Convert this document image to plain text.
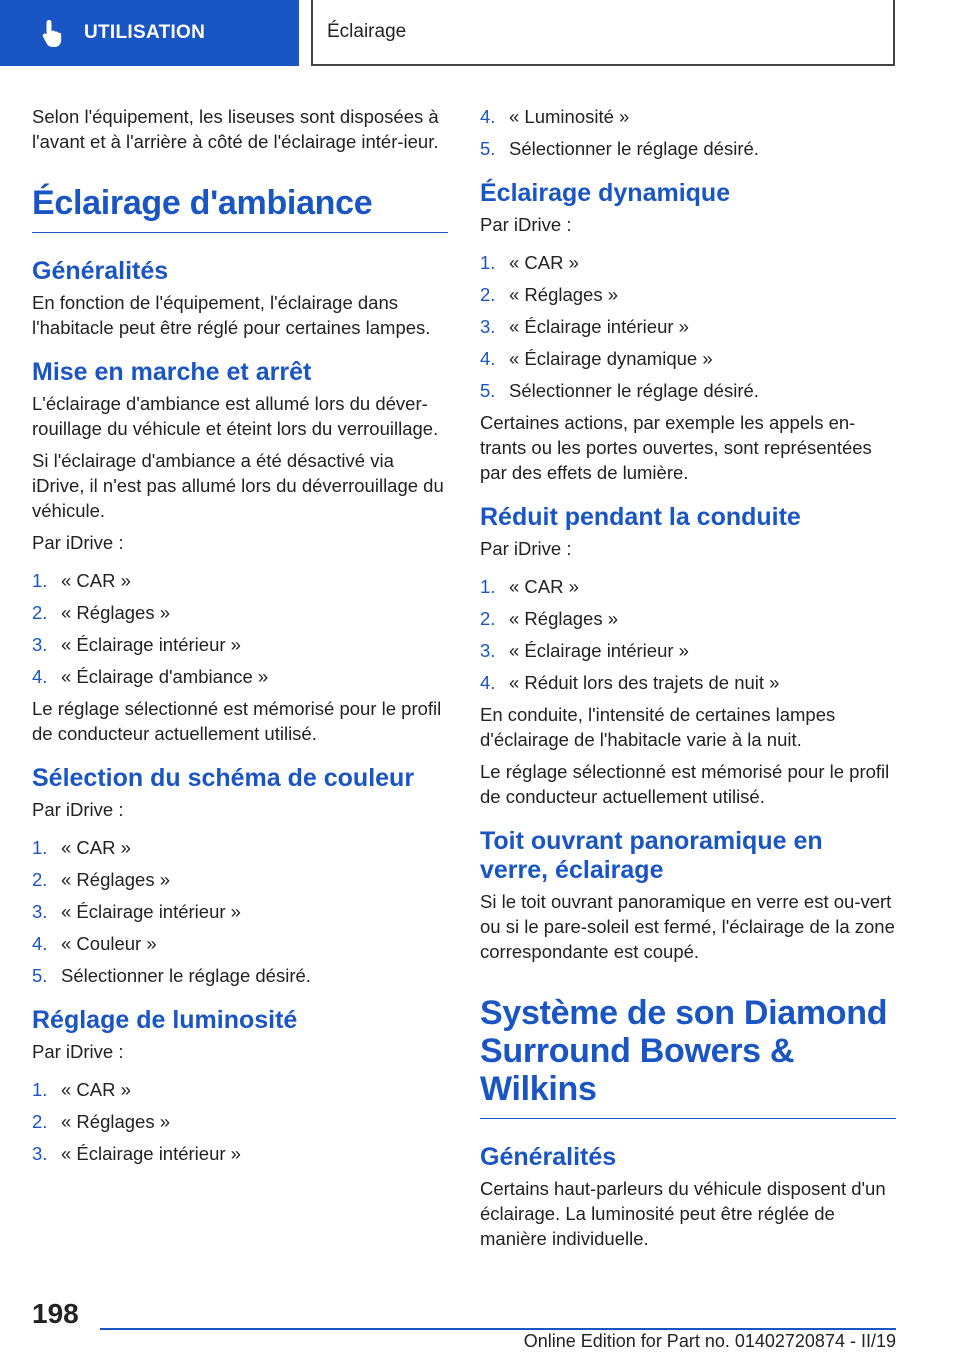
UTILISATION	Éclairage

Selon l'équipement, les liseuses sont disposées à l'avant et à l'arrière à côté de l'éclairage intér-ieur.

Éclairage d'ambiance
Généralités

En fonction de l'équipement, l'éclairage dans l'habitacle peut être réglé pour certaines lampes.

Mise en marche et arrêt

L'éclairage d'ambiance est allumé lors du déver-rouillage du véhicule et éteint lors du verrouillage.

Si l'éclairage d'ambiance a été désactivé via iDrive, il n'est pas allumé lors du déverrouillage du véhicule.

Par iDrive :

1. « CAR »
2. « Réglages »
3. « Éclairage intérieur »
4. « Éclairage d'ambiance »

Le réglage sélectionné est mémorisé pour le profil de conducteur actuellement utilisé.

Sélection du schéma de couleur

Par iDrive :

1. « CAR »
2. « Réglages »
3. « Éclairage intérieur »
4. « Couleur »
5. Sélectionner le réglage désiré.
Réglage de luminosité

Par iDrive :

1. « CAR »
2. « Réglages »
3. « Éclairage intérieur »
4. « Luminosité »
5. Sélectionner le réglage désiré.
Éclairage dynamique

Par iDrive :

1. « CAR »
2. « Réglages »
3. « Éclairage intérieur »
4. « Éclairage dynamique »
5. Sélectionner le réglage désiré.

Certaines actions, par exemple les appels en-trants ou les portes ouvertes, sont représentées par des effets de lumière.

Réduit pendant la conduite

Par iDrive :

1. « CAR »
2. « Réglages »
3. « Éclairage intérieur »
4. « Réduit lors des trajets de nuit »

En conduite, l'intensité de certaines lampes d'éclairage de l'habitacle varie à la nuit.

Le réglage sélectionné est mémorisé pour le profil de conducteur actuellement utilisé.

Toit ouvrant panoramique en verre, éclairage

Si le toit ouvrant panoramique en verre est ou-vert ou si le pare-soleil est fermé, l'éclairage de la zone correspondante est coupé.

Système de son Diamond Surround Bowers & Wilkins
Généralités

Certains haut-parleurs du véhicule disposent d'un éclairage. La luminosité peut être réglée de manière individuelle.

198
Online Edition for Part no. 01402720874 - II/19
